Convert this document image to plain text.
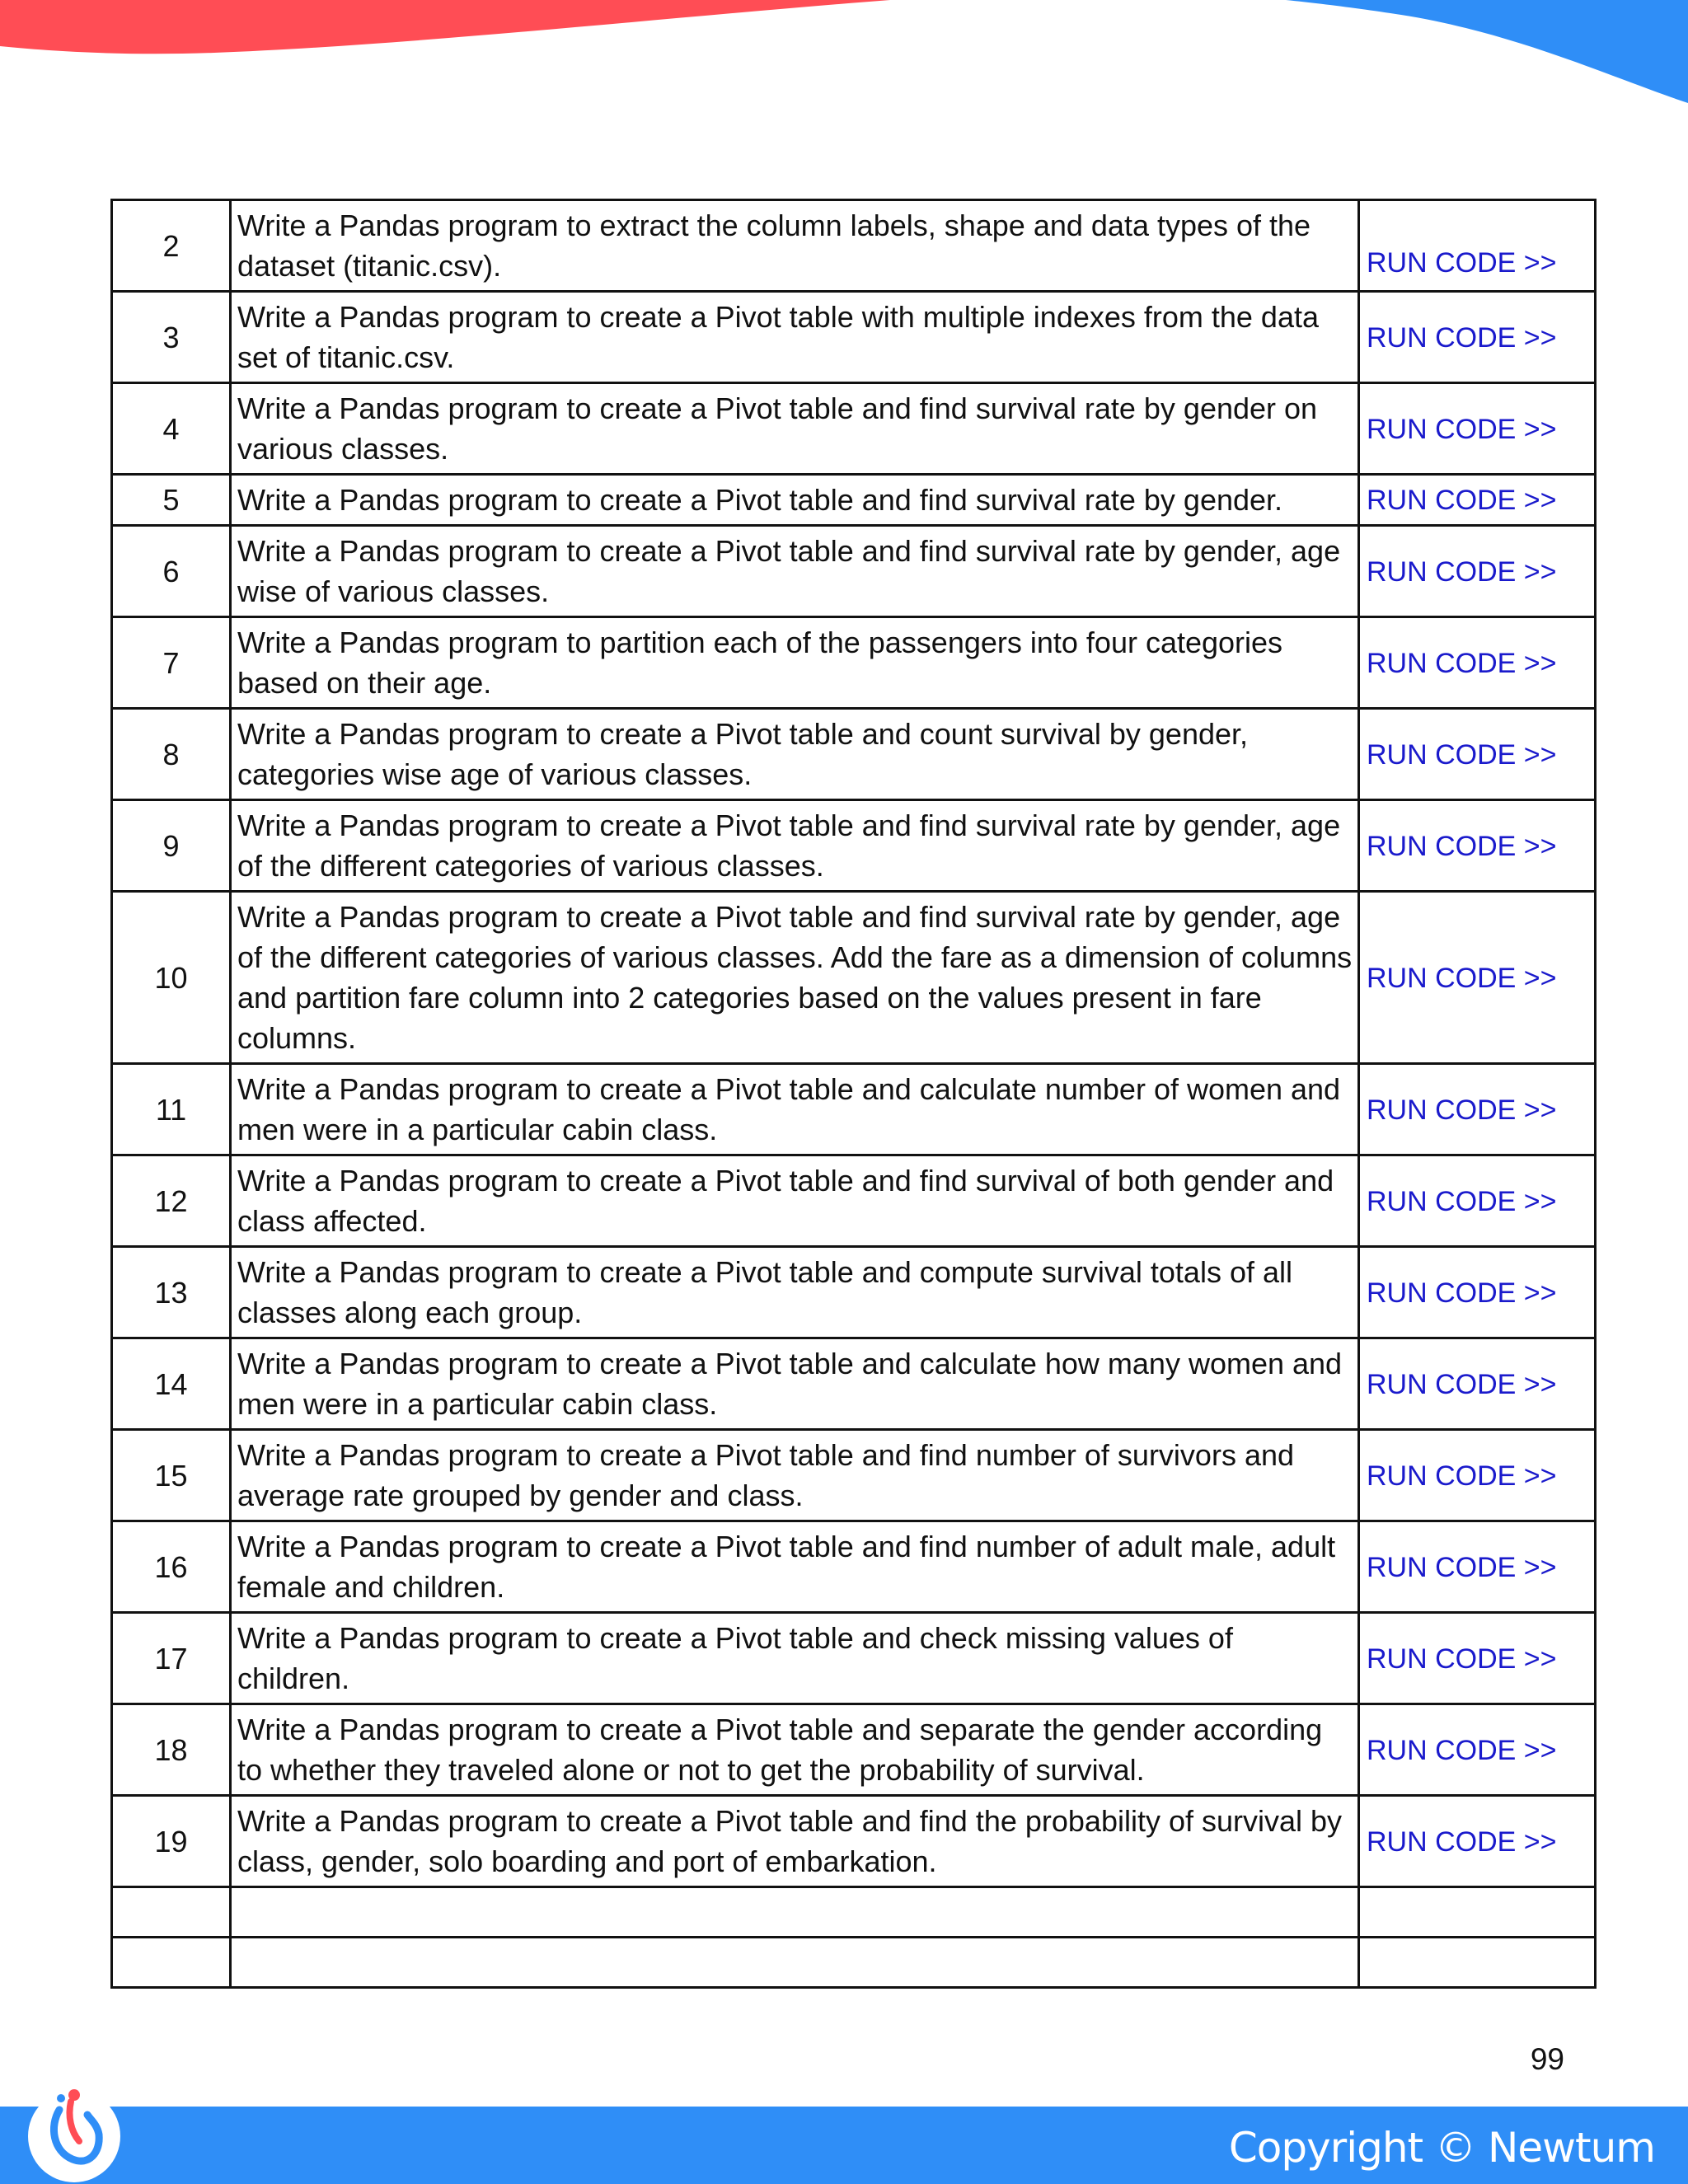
2	Write a Pandas program to extract the column labels, shape and data types of the dataset (titanic.csv).	RUN CODE >>
3	Write a Pandas program to create a Pivot table with multiple indexes from the data set of titanic.csv.	RUN CODE >>
4	Write a Pandas program to create a Pivot table and find survival rate by gender on various classes.	RUN CODE >>
5	Write a Pandas program to create a Pivot table and find survival rate by gender.	RUN CODE >>
6	Write a Pandas program to create a Pivot table and find survival rate by gender, age wise of various classes.	RUN CODE >>
7	Write a Pandas program to partition each of the passengers into four categories based on their age.	RUN CODE >>
8	Write a Pandas program to create a Pivot table and count survival by gender, categories wise age of various classes.	RUN CODE >>
9	Write a Pandas program to create a Pivot table and find survival rate by gender, age of the different categories of various classes.	RUN CODE >>
10	Write a Pandas program to create a Pivot table and find survival rate by gender, age of the different categories of various classes. Add the fare as a dimension of columns and partition fare column into 2 categories based on the values present in fare columns.	RUN CODE >>
11	Write a Pandas program to create a Pivot table and calculate number of women and men were in a particular cabin class.	RUN CODE >>
12	Write a Pandas program to create a Pivot table and find survival of both gender and class affected.	RUN CODE >>
13	Write a Pandas program to create a Pivot table and compute survival totals of all classes along each group.	RUN CODE >>
14	Write a Pandas program to create a Pivot table and calculate how many women and men were in a particular cabin class.	RUN CODE >>
15	Write a Pandas program to create a Pivot table and find number of survivors and average rate grouped by gender and class.	RUN CODE >>
16	Write a Pandas program to create a Pivot table and find number of adult male, adult female and children.	RUN CODE >>
17	Write a Pandas program to create a Pivot table and check missing values of children.	RUN CODE >>
18	Write a Pandas program to create a Pivot table and separate the gender according to whether they traveled alone or not to get the probability of survival.	RUN CODE >>
19	Write a Pandas program to create a Pivot table and find the probability of survival by class, gender, solo boarding and port of embarkation.	RUN CODE >>

99
Copyright © Newtum
